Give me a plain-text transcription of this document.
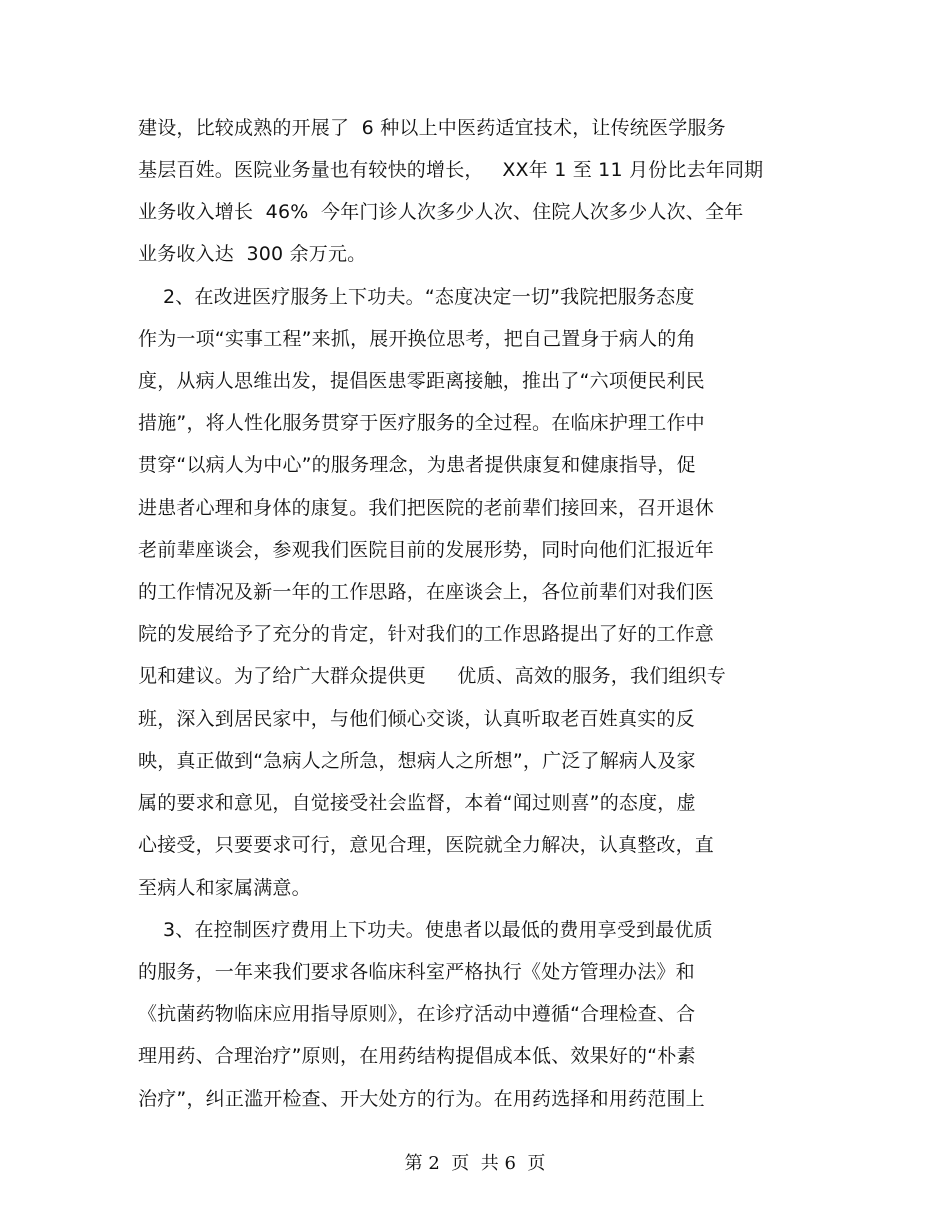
建设，比较成熟的开展了  6 种以上中医药适宜技术，让传统医学服务
基层百姓。医院业务量也有较快的增长，   XX年 1 至 11 月份比去年同期
业务收入增长  46%  今年门诊人次多少人次、住院人次多少人次、全年
业务收入达  300 余万元。
2、在改进医疗服务上下功夫。“态度决定一切”我院把服务态度
作为一项“实事工程”来抓，展开换位思考，把自己置身于病人的角
度，从病人思维出发，提倡医患零距离接触，推出了“六项便民利民
措施”，将人性化服务贯穿于医疗服务的全过程。在临床护理工作中
贯穿“以病人为中心”的服务理念，为患者提供康复和健康指导，促
进患者心理和身体的康复。我们把医院的老前辈们接回来，召开退休
老前辈座谈会，参观我们医院目前的发展形势，同时向他们汇报近年
的工作情况及新一年的工作思路，在座谈会上，各位前辈们对我们医
院的发展给予了充分的肯定，针对我们的工作思路提出了好的工作意
见和建议。为了给广大群众提供更     优质、高效的服务，我们组织专
班，深入到居民家中，与他们倾心交谈，认真听取老百姓真实的反
映，真正做到“急病人之所急，想病人之所想”，广泛了解病人及家
属的要求和意见，自觉接受社会监督，本着“闻过则喜”的态度，虚
心接受，只要要求可行，意见合理，医院就全力解决，认真整改，直
至病人和家属满意。
3、在控制医疗费用上下功夫。使患者以最低的费用享受到最优质
的服务，一年来我们要求各临床科室严格执行《处方管理办法》和
《抗菌药物临床应用指导原则》，在诊疗活动中遵循“合理检查、合
理用药、合理治疗”原则，在用药结构提倡成本低、效果好的“朴素
治疗”，纠正滥开检查、开大处方的行为。在用药选择和用药范围上
第 2  页  共 6  页
